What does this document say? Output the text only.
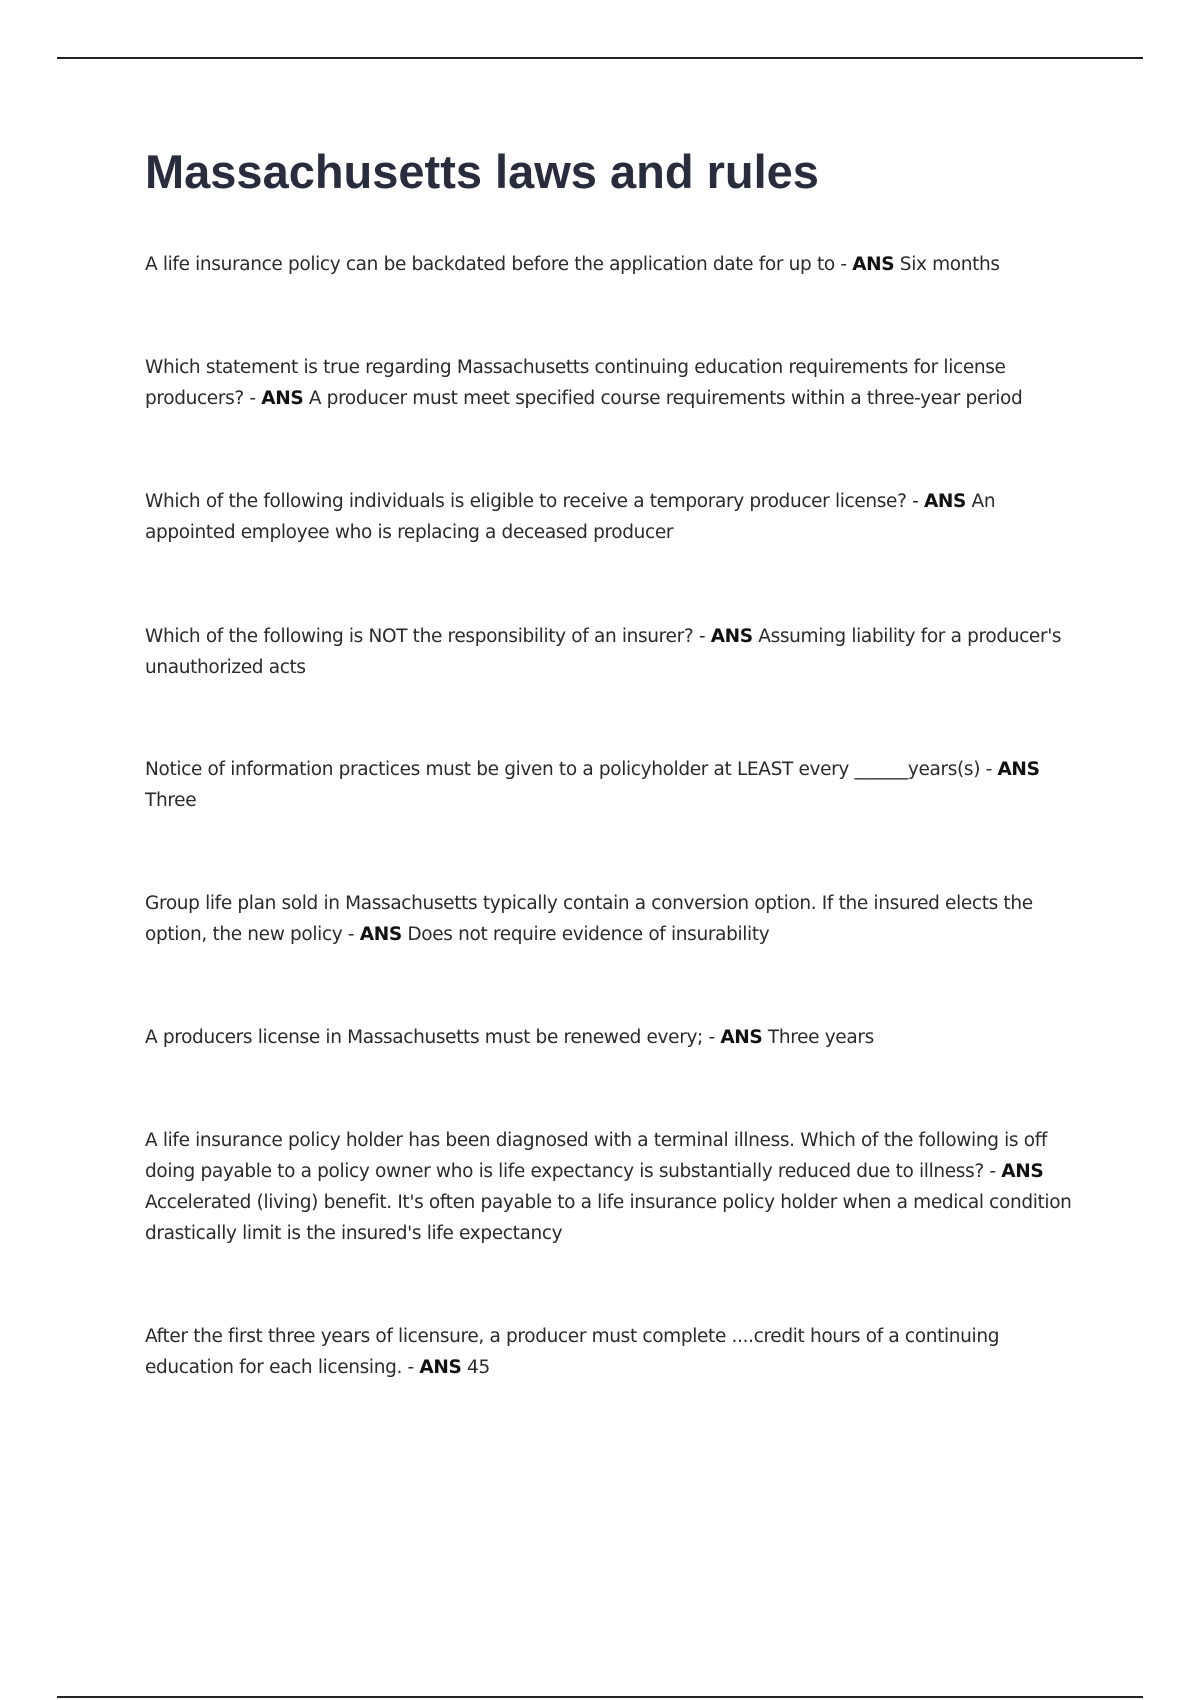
Massachusetts laws and rules

A life insurance policy can be backdated before the application date for up to - ANS Six months

Which statement is true regarding Massachusetts continuing education requirements for license producers? - ANS A producer must meet specified course requirements within a three-year period

Which of the following individuals is eligible to receive a temporary producer license? - ANS An appointed employee who is replacing a deceased producer

Which of the following is NOT the responsibility of an insurer? - ANS Assuming liability for a producer's unauthorized acts

Notice of information practices must be given to a policyholder at LEAST every ______years(s) - ANS Three

Group life plan sold in Massachusetts typically contain a conversion option. If the insured elects the option, the new policy - ANS Does not require evidence of insurability

A producers license in Massachusetts must be renewed every; - ANS Three years

A life insurance policy holder has been diagnosed with a terminal illness. Which of the following is off doing payable to a policy owner who is life expectancy is substantially reduced due to illness? - ANS Accelerated (living) benefit. It's often payable to a life insurance policy holder when a medical condition drastically limit is the insured's life expectancy

After the first three years of licensure, a producer must complete ....credit hours of a continuing education for each licensing. - ANS 45
